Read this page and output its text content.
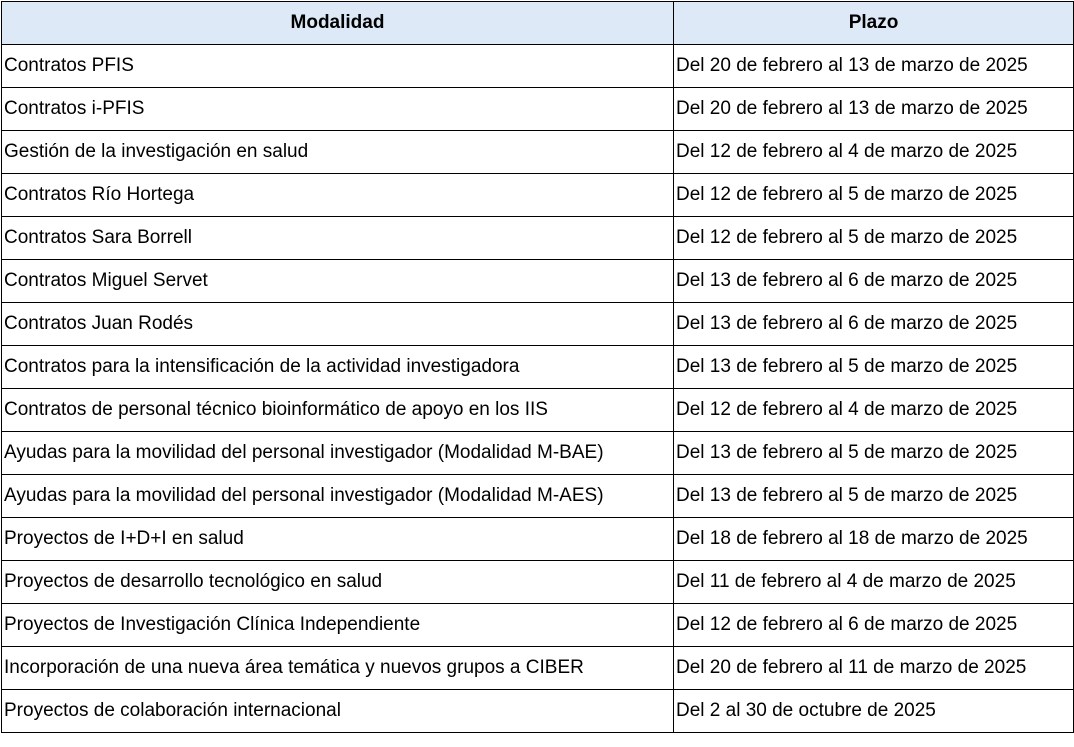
Modalidad	Plazo
Contratos PFIS	Del 20 de febrero al 13 de marzo de 2025
Contratos i-PFIS	Del 20 de febrero al 13 de marzo de 2025
Gestión de la investigación en salud	Del 12 de febrero al 4 de marzo de 2025
Contratos Río Hortega	Del 12 de febrero al 5 de marzo de 2025
Contratos Sara Borrell	Del 12 de febrero al 5 de marzo de 2025
Contratos Miguel Servet	Del 13 de febrero al 6 de marzo de 2025
Contratos Juan Rodés	Del 13 de febrero al 6 de marzo de 2025
Contratos para la intensificación de la actividad investigadora	Del 13 de febrero al 5 de marzo de 2025
Contratos de personal técnico bioinformático de apoyo en los IIS	Del 12 de febrero al 4 de marzo de 2025
Ayudas para la movilidad del personal investigador (Modalidad M-BAE)	Del 13 de febrero al 5 de marzo de 2025
Ayudas para la movilidad del personal investigador (Modalidad M-AES)	Del 13 de febrero al 5 de marzo de 2025
Proyectos de I+D+I en salud	Del 18 de febrero al 18 de marzo de 2025
Proyectos de desarrollo tecnológico en salud	Del 11 de febrero al 4 de marzo de 2025
Proyectos de Investigación Clínica Independiente	Del 12 de febrero al 6 de marzo de 2025
Incorporación de una nueva área temática y nuevos grupos a CIBER	Del 20 de febrero al 11 de marzo de 2025
Proyectos de colaboración internacional	Del 2 al 30 de octubre de 2025
